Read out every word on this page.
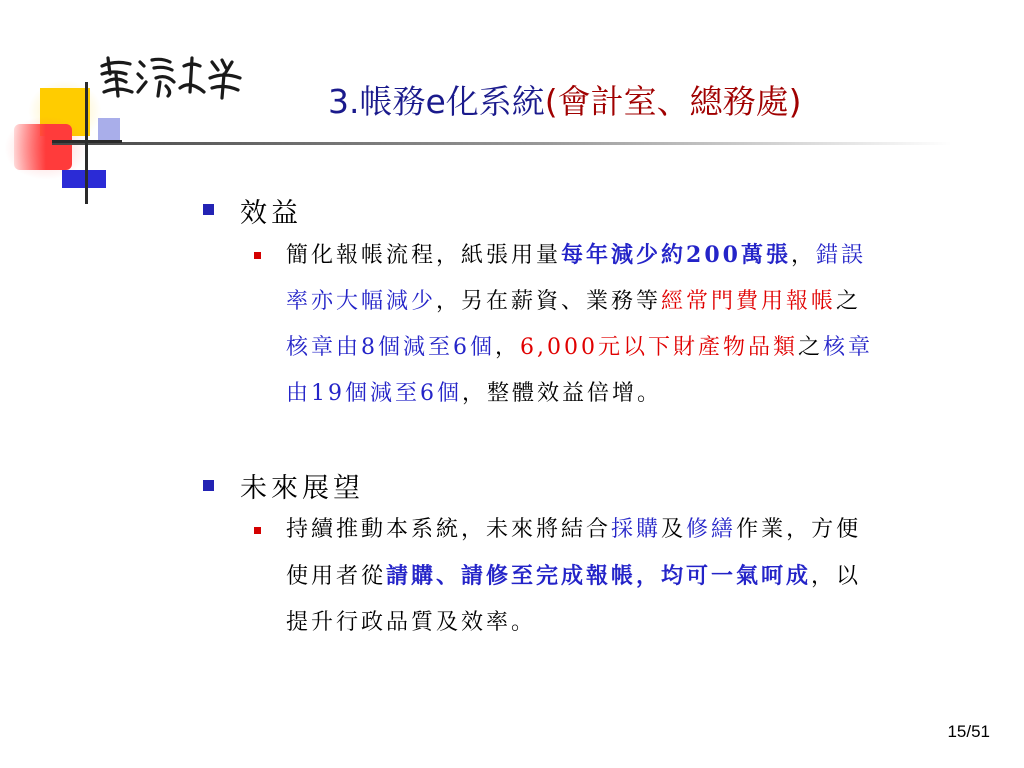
3.帳務e化系統(會計室、總務處)
效益
簡化報帳流程，紙張用量每年減少約200萬張，錯誤率亦大幅減少，另在薪資、業務等經常門費用報帳之核章由8個減至6個，6,000元以下財產物品類之核章由19個減至6個，整體效益倍增。
未來展望
持續推動本系統，未來將結合採購及修繕作業，方便使用者從請購、請修至完成報帳，均可一氣呵成，以提升行政品質及效率。
15/51
